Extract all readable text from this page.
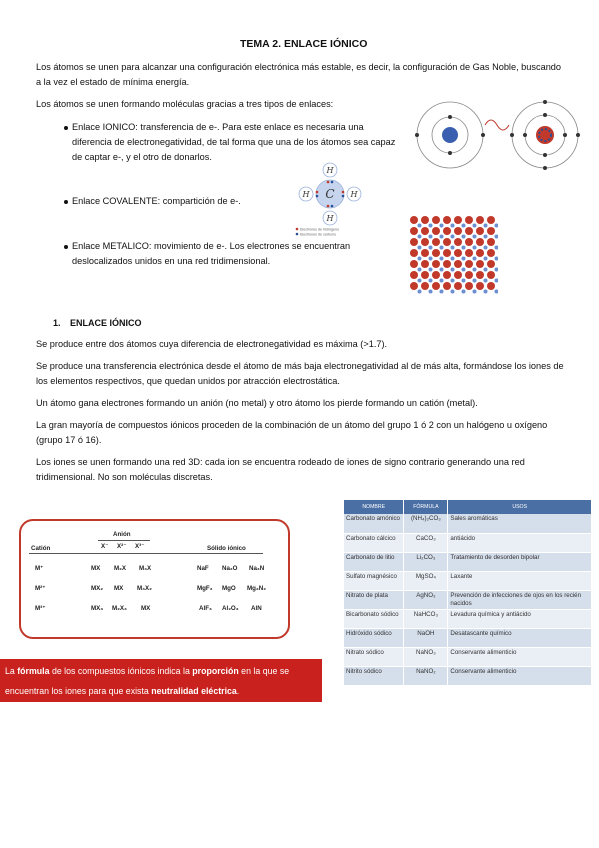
TEMA 2. ENLACE IÓNICO

Los átomos se unen para alcanzar una configuración electrónica más estable, es decir, la configuración de Gas Noble, buscando a la vez el estado de mínima energía.

Los átomos se unen formando moléculas gracias a tres tipos de enlaces:

Enlace IONICO: transferencia de e-. Para este enlace es necesaria una diferencia de electronegatividad, de tal forma que una de los átomos sea capaz de captar e-, y el otro de donarlos.

Enlace COVALENTE: compartición de e-.

Enlace METALICO: movimiento de e-. Los electrones se encuentran deslocalizados unidos en una red tridimensional.

C
H
H
H	H
Electrones de hidrógeno
Electrones de carbono
1. ENLACE IÓNICO

Se produce entre dos átomos cuya diferencia de electronegatividad es máxima (>1.7).

Se produce una transferencia electrónica desde el átomo de más baja electronegatividad al de más alta, formándose los iones de los elementos respectivos, que quedan unidos por atracción electrostática.

Un átomo gana electrones formando un anión (no metal) y otro átomo los pierde formando un catión (metal).

La gran mayoría de compuestos iónicos proceden de la combinación de un átomo del grupo 1 ó 2 con un halógeno u oxígeno (grupo 17 ó 16).

Los iones se unen formando una red 3D: cada ion se encuentra rodeado de iones de signo contrario generando una red tridimensional. No son moléculas discretas.

Anión
Catión	X⁻ X²⁻ X³⁻	Sólido iónico
M⁺	MX M₂X M₃X	NaF Na₂O Na₃N
M²⁺	MX₂ MX M₃X₂	MgF₂ MgO Mg₃N₂
M³⁺	MX₃ M₂X₃ MX	AlF₃ Al₂O₃ AlN
La fórmula de los compuestos iónicos indica la proporción en la que se encuentran los iones para que exista neutralidad eléctrica.
NOMBRE	FÓRMULA	USOS
Carbonato amónico	(NH₄)₂CO₃	Sales aromáticas
Carbonato cálcico	CaCO₃	antiácido
Carbonato de litio	Li₂CO₃	Tratamiento de desorden bipolar
Sulfato magnésico	MgSO₄	Laxante
Nitrato de plata	AgNO₃	Prevención de infecciones de ojos en los recién nacidos
Bicarbonato sódico	NaHCO₃	Levadura química y antiácido
Hidróxido sódico	NaOH	Desatascante químico
Nitrato sódico	NaNO₃	Conservante alimenticio
Nitrito sódico	NaNO₂	Conservante alimenticio
